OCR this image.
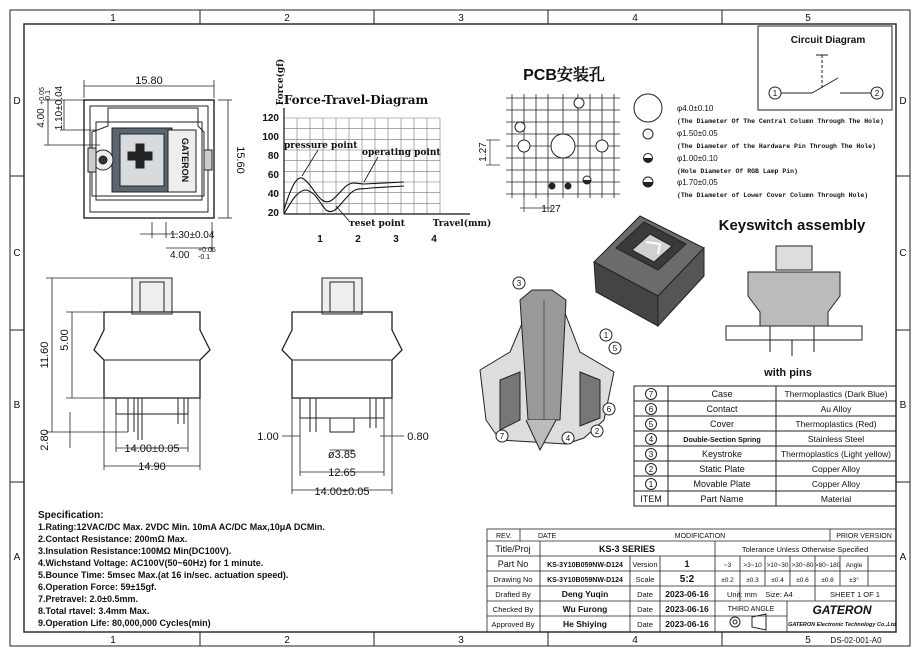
1	2	3	4	5
1	2	3	4	5
D
C
B
A
D
C
B
A
Circuit Diagram
1	2
GATERON
15.80
15.60
4.00
+0.05 -0.1 1.10±0.04
1.30±0.04
4.00 +0.05
-0.1
Force-Travel-Diagram
Force(gf)
Travel(mm)
120
100
80
60
40
20
1	2	3	4
pressure point
operating point
reset point
PCB安装孔
1.27
1.27
φ4.0±0.10
(The Diameter Of The Central Column Through The Hole)
φ1.50±0.05
(The Diameter of the Hardware Pin Through The Hole)
φ1.00±0.10
(Hole Diameter Of RGB Lamp Pin)
φ1.70±0.05
(The Diameter of Lower Cover Column Through Hole)
11.60
5.00
2.80	14.00±0.05
14.90
1.00	0.80
ø3.85
12.65
14.00±0.05
Keyswitch assembly
with pins
3
1
5
6
2
4
7
7	Case	Thermoplastics (Dark Blue)
6	Contact	Au Alloy
5	Cover	Thermoplastics (Red)
4	Double-Section Spring	Stainless Steel
3	Keystroke	Thermoplastics (Light yellow)
2	Static Plate	Copper Alloy
1	Movable Plate	Copper Alloy
ITEM	Part Name	Material
Specification:
1.Rating:12VAC/DC Max. 2VDC Min. 10mA AC/DC Max,10μA DCMin.
2.Contact Resistance: 200mΩ Max.
3.Insulation Resistance:100MΩ Min(DC100V).
4.Wichstand Voltage: AC100V(50~60Hz) for 1 minute.
5.Bounce Time: 5msec Max.(at 16 in/sec. actuation speed).
6.Operation Force: 59±15gf.
7.Pretravel: 2.0±0.5mm.
8.Total rtavel: 3.4mm Max.
9.Operation Life: 80,000,000 Cycles(min)
REV.	DATE	MODIFICATION	PRIOR VERSION
Title/Proj	KS-3 SERIES	Tolerance Unless Otherwise Specified
Part No	KS-3Y10B059NW-D124 Version	1
Drawing No KS-3Y10B059NW-D124 Scale	5:2
~3 >3~10 >10~30 >30~80 >80~180 Angle
±0.2 ±0.3 ±0.4 ±0.6 ±0.8 ±3°
Drafted By	Deng Yuqin	Date 2023-06-16 Unit: mm Size: A4	SHEET 1 OF 1
Checked By	Wu Furong	Date 2023-06-16
Approved By	He Shiying	Date 2023-06-16
THIRD ANGLE	GATERON
GATERON Electronic Technology Co.,Ltd
DS-02-001-A0
